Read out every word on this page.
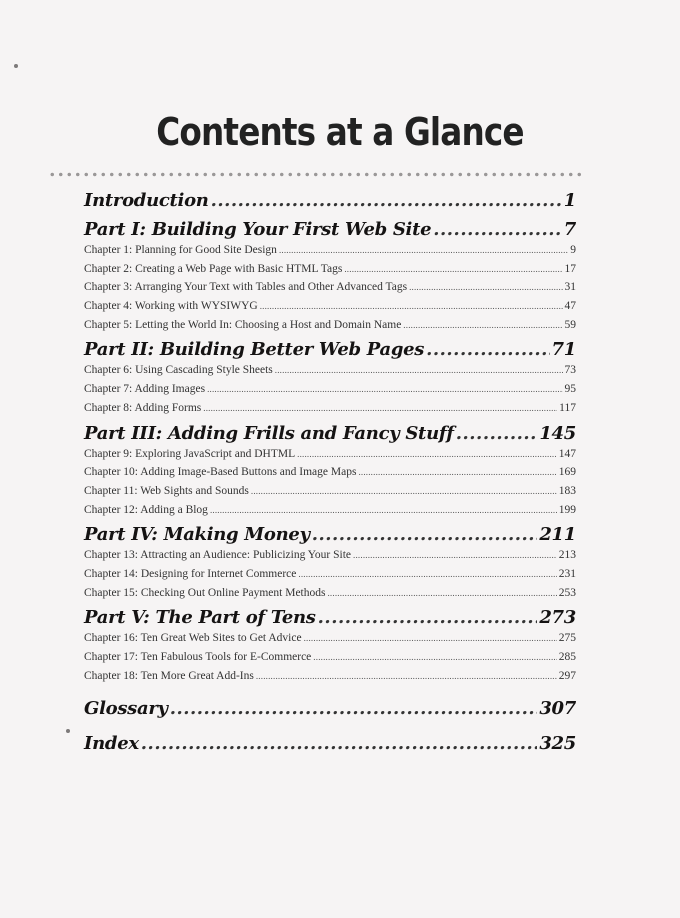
Contents at a Glance
Introduction .....	1
Part I: Building Your First Web Site .....	7
Chapter 1: Planning for Good Site Design .....	9
Chapter 2: Creating a Web Page with Basic HTML Tags .....	17
Chapter 3: Arranging Your Text with Tables and Other Advanced Tags .....	31
Chapter 4: Working with WYSIWYG .....	47
Chapter 5: Letting the World In: Choosing a Host and Domain Name .....	59
Part II: Building Better Web Pages .....	71
Chapter 6: Using Cascading Style Sheets .....	73
Chapter 7: Adding Images .....	95
Chapter 8: Adding Forms .....	117
Part III: Adding Frills and Fancy Stuff .....	145
Chapter 9: Exploring JavaScript and DHTML .....	147
Chapter 10: Adding Image-Based Buttons and Image Maps .....	169
Chapter 11: Web Sights and Sounds .....	183
Chapter 12: Adding a Blog .....	199
Part IV: Making Money .....	211
Chapter 13: Attracting an Audience: Publicizing Your Site .....	213
Chapter 14: Designing for Internet Commerce .....	231
Chapter 15: Checking Out Online Payment Methods .....	253
Part V: The Part of Tens .....	273
Chapter 16: Ten Great Web Sites to Get Advice .....	275
Chapter 17: Ten Fabulous Tools for E-Commerce .....	285
Chapter 18: Ten More Great Add-Ins .....	297
Glossary .....	307
Index .....	325
